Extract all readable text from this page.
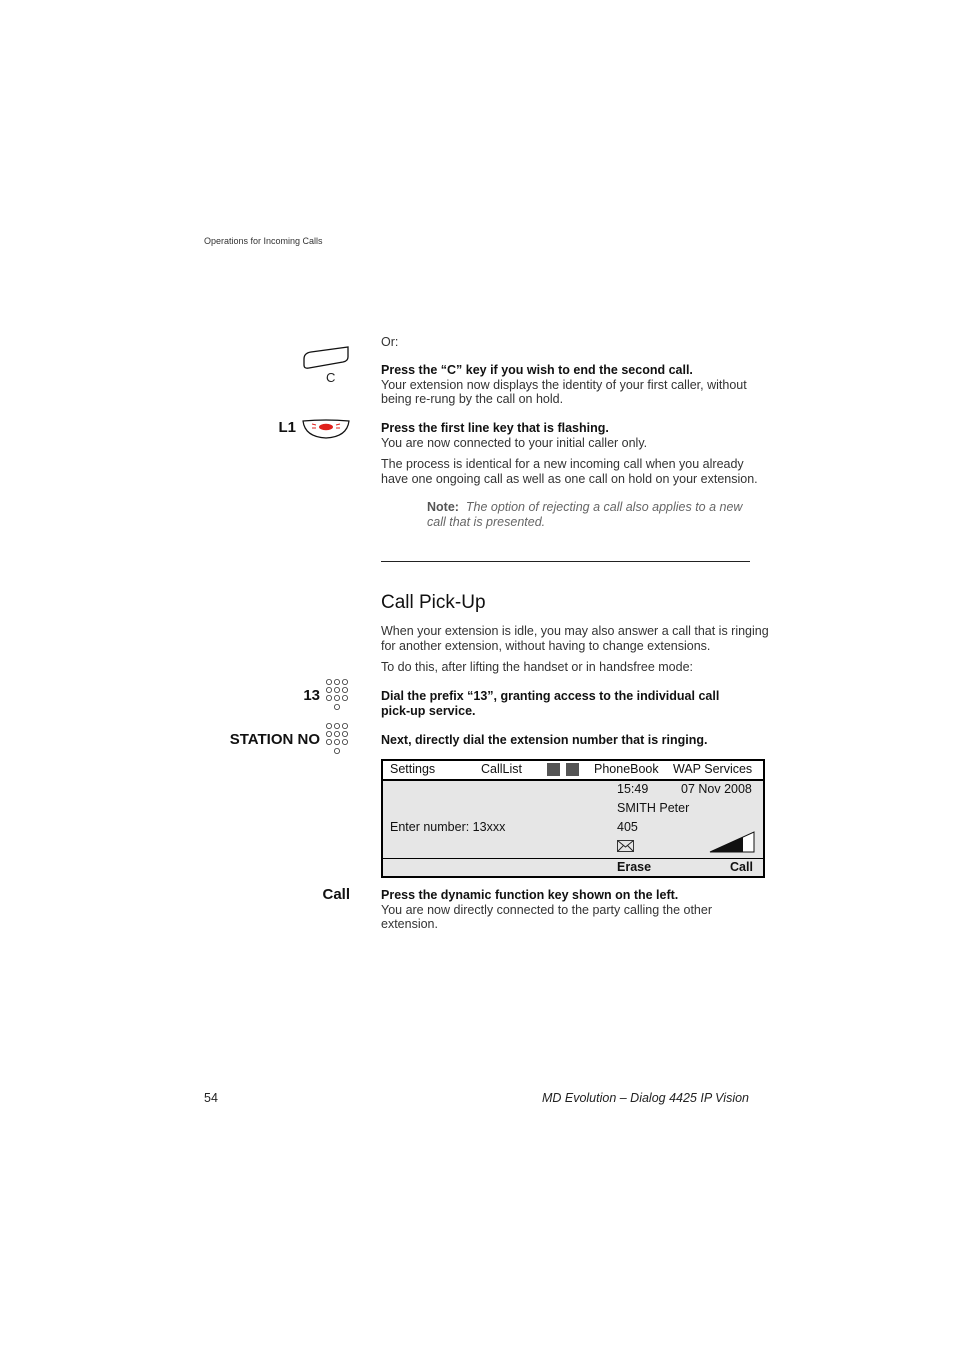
Operations for Incoming Calls
Or:
C	Press the “C” key if you wish to end the second call.
Your extension now displays the identity of your first caller, without
being re-rung by the call on hold.
L1	Press the first line key that is flashing.
You are now connected to your initial caller only.
The process is identical for a new incoming call when you already
have one ongoing call as well as one call on hold on your extension.
Note: The option of rejecting a call also applies to a new
call that is presented.
Call Pick-Up
When your extension is idle, you may also answer a call that is ringing
for another extension, without having to change extensions.
To do this, after lifting the handset or in handsfree mode:
13	Dial the prefix “13”, granting access to the individual call
pick-up service.
STATION NO	Next, directly dial the extension number that is ringing.
Settings	CallList	PhoneBook WAP Services
15:49	07 Nov 2008
SMITH Peter
Enter number: 13xxx	405
Erase	Call
Call Press the dynamic function key shown on the left.
You are now directly connected to the party calling the other
extension.
54	MD Evolution – Dialog 4425 IP Vision
